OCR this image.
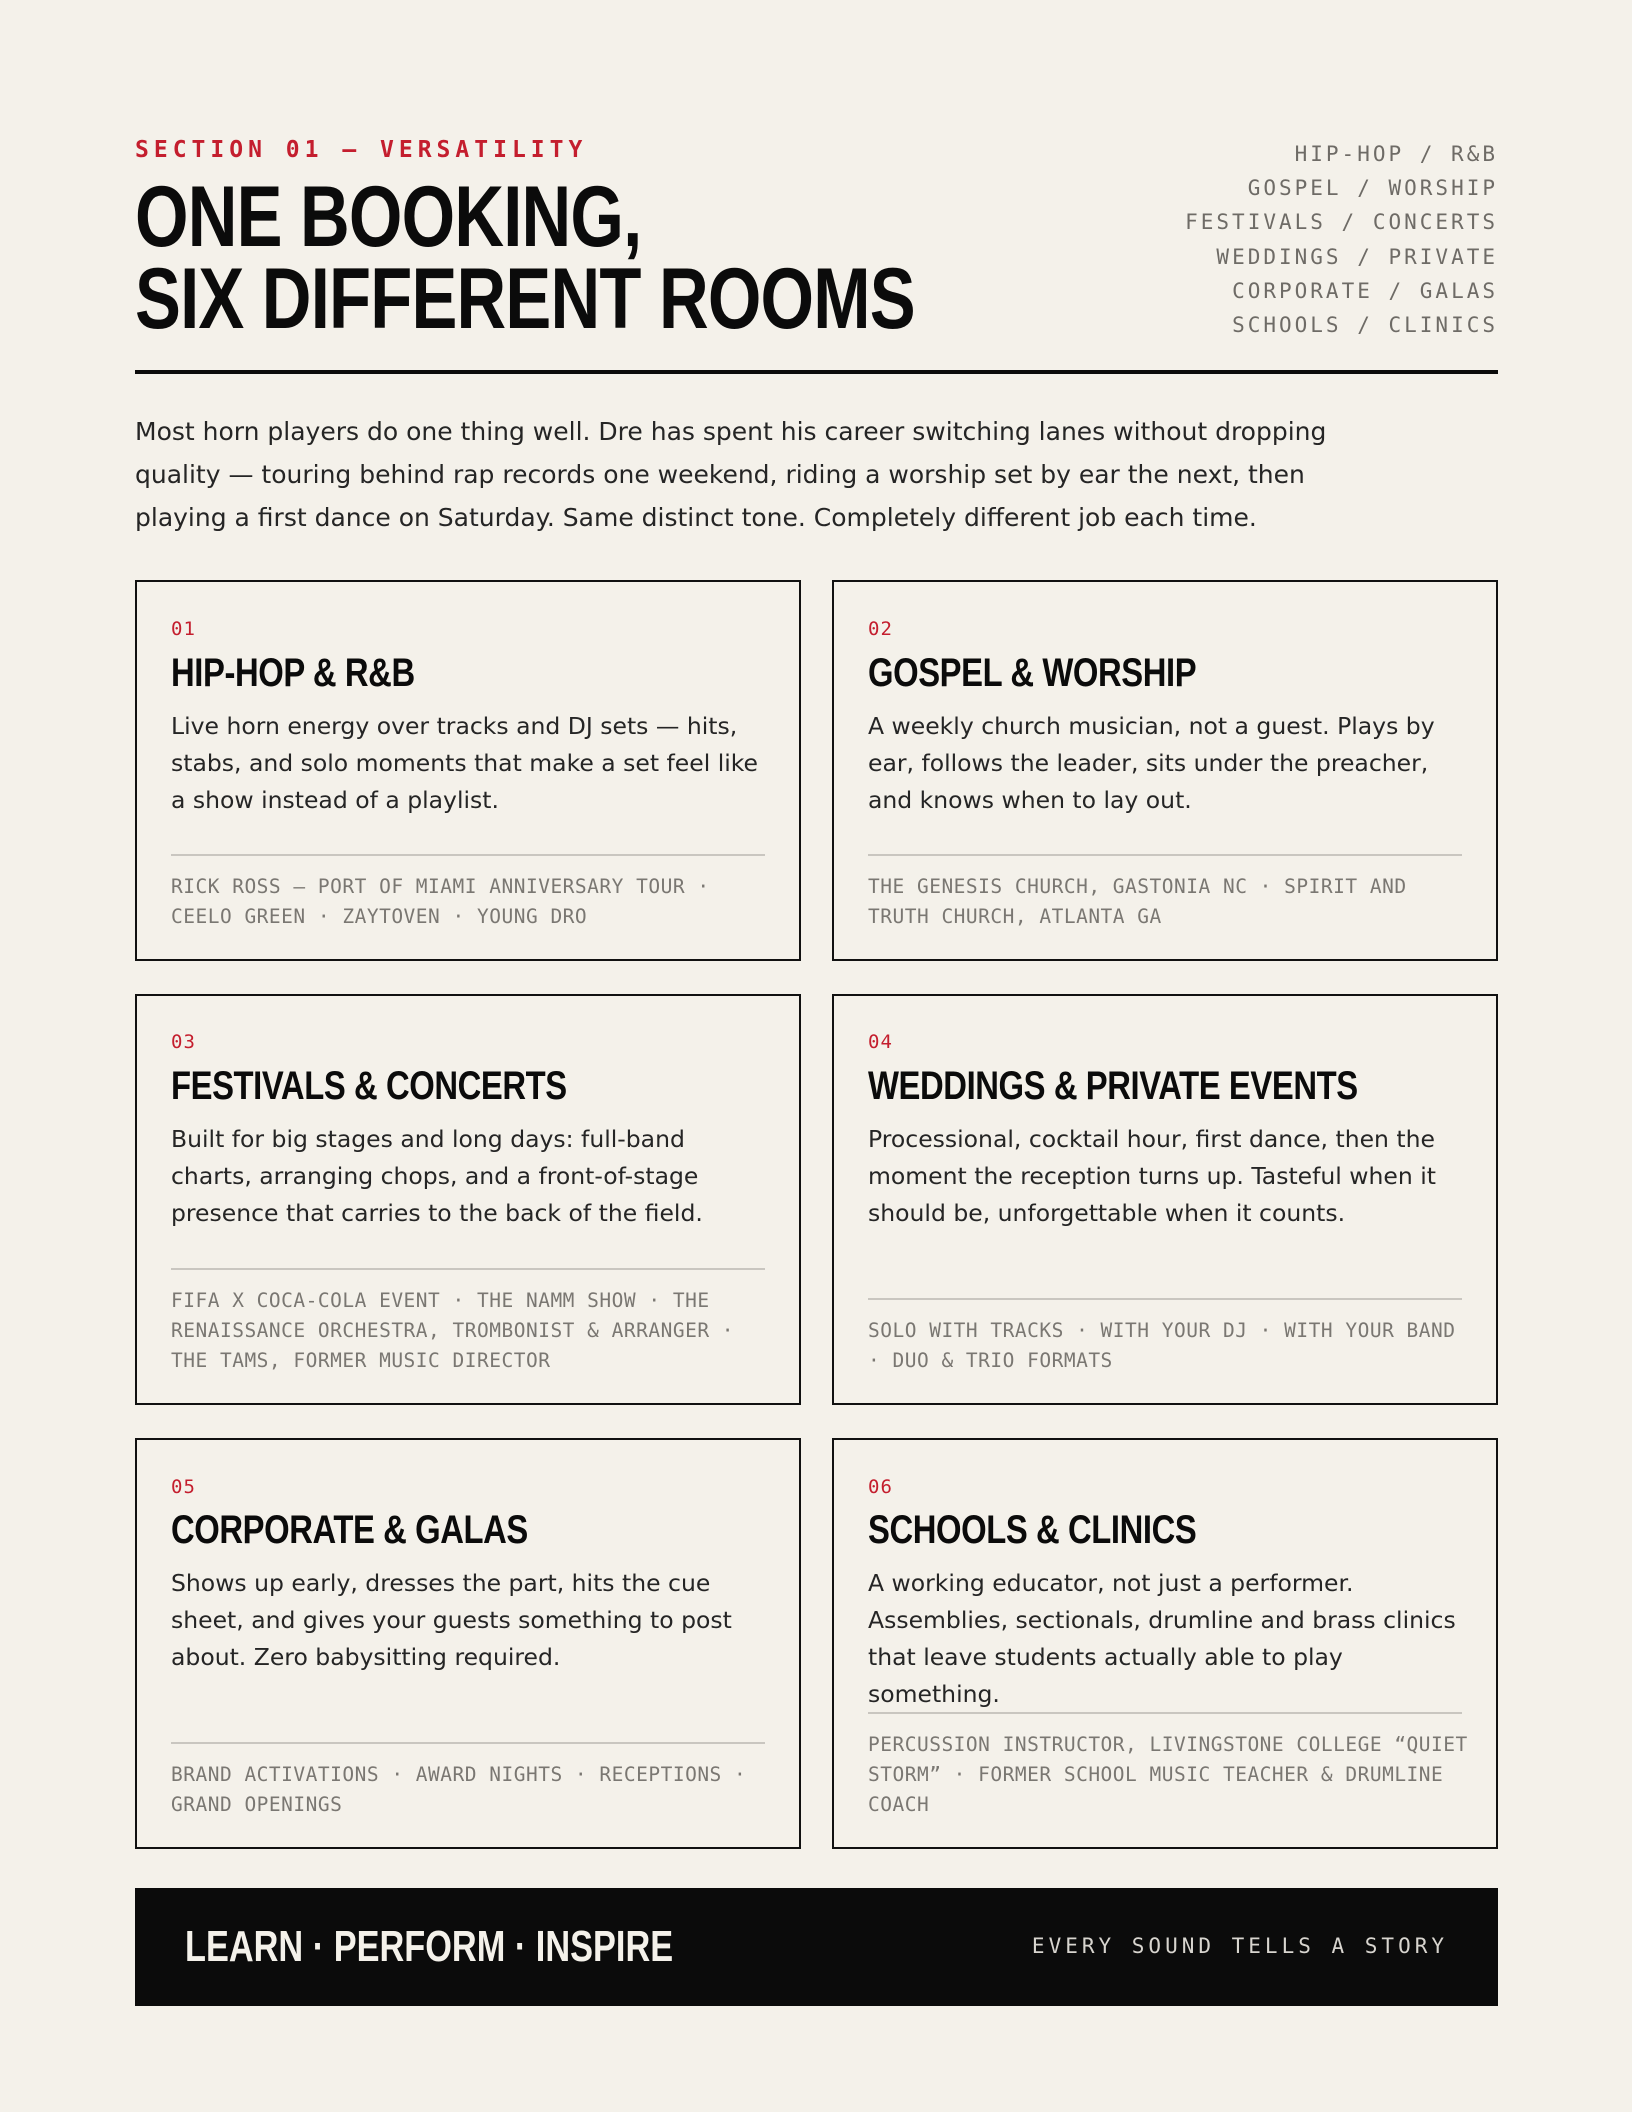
SECTION 01 — VERSATILITY
ONE BOOKING,
SIX DIFFERENT ROOMS
HIP-HOP / R&B
GOSPEL / WORSHIP
FESTIVALS / CONCERTS
WEDDINGS / PRIVATE
CORPORATE / GALAS
SCHOOLS / CLINICS
Most horn players do one thing well. Dre has spent his career switching lanes without dropping
quality — touring behind rap records one weekend, riding a worship set by ear the next, then
playing a first dance on Saturday. Same distinct tone. Completely different job each time.
01
HIP-HOP & R&B
Live horn energy over tracks and DJ sets — hits, stabs, and solo moments that make a set feel like a show instead of a playlist.
RICK ROSS — PORT OF MIAMI ANNIVERSARY TOUR · CEELO GREEN · ZAYTOVEN · YOUNG DRO
02
GOSPEL & WORSHIP
A weekly church musician, not a guest. Plays by ear, follows the leader, sits under the preacher, and knows when to lay out.
THE GENESIS CHURCH, GASTONIA NC · SPIRIT AND TRUTH CHURCH, ATLANTA GA
03
FESTIVALS & CONCERTS
Built for big stages and long days: full-band charts, arranging chops, and a front-of-stage presence that carries to the back of the field.
FIFA X COCA-COLA EVENT · THE NAMM SHOW · THE RENAISSANCE ORCHESTRA, TROMBONIST & ARRANGER · THE TAMS, FORMER MUSIC DIRECTOR
04
WEDDINGS & PRIVATE EVENTS
Processional, cocktail hour, first dance, then the moment the reception turns up. Tasteful when it should be, unforgettable when it counts.
SOLO WITH TRACKS · WITH YOUR DJ · WITH YOUR BAND · DUO & TRIO FORMATS
05
CORPORATE & GALAS
Shows up early, dresses the part, hits the cue sheet, and gives your guests something to post about. Zero babysitting required.
BRAND ACTIVATIONS · AWARD NIGHTS · RECEPTIONS · GRAND OPENINGS
06
SCHOOLS & CLINICS
A working educator, not just a performer. Assemblies, sectionals, drumline and brass clinics that leave students actually able to play something.
PERCUSSION INSTRUCTOR, LIVINGSTONE COLLEGE “QUIET STORM” · FORMER SCHOOL MUSIC TEACHER & DRUMLINE COACH
LEARN · PERFORM · INSPIRE	EVERY SOUND TELLS A STORY
